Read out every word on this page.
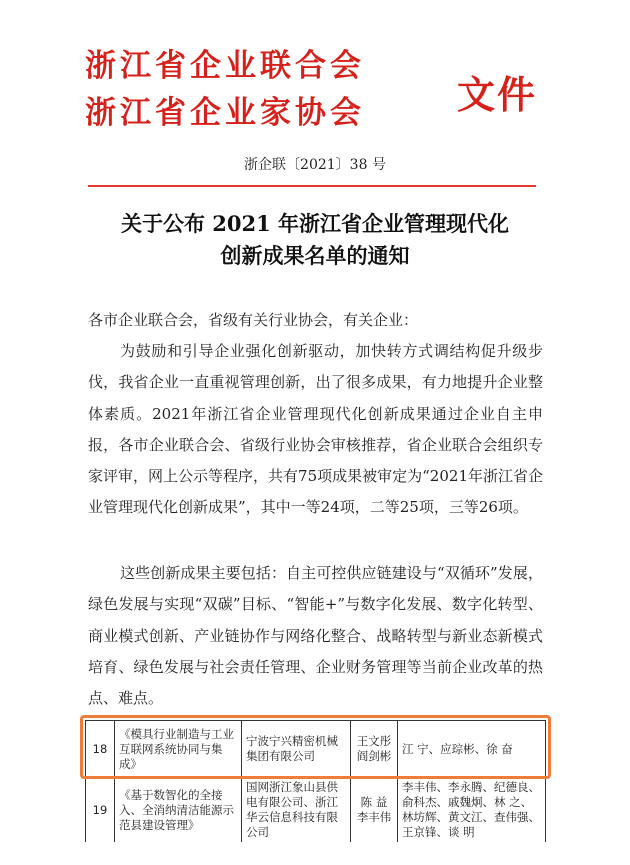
浙江省企业联合会
浙江省企业家协会 文件
浙企联〔2021〕38 号
关于公布 2021 年浙江省企业管理现代化
创新成果名单的通知
各市企业联合会，省级有关行业协会，有关企业：
为鼓励和引导企业强化创新驱动，加快转方式调结构促升级步伐，我省企业一直重视管理创新，出了很多成果，有力地提升企业整体素质。2021年浙江省企业管理现代化创新成果通过企业自主申报，各市企业联合会、省级行业协会审核推荐，省企业联合会组织专家评审，网上公示等程序，共有75项成果被审定为“2021年浙江省企业管理现代化创新成果”，其中一等24项，二等25项，三等26项。
这些创新成果主要包括：自主可控供应链建设与“双循环”发展，绿色发展与实现“双碳”目标、“智能+”与数字化发展、数字化转型、商业模式创新、产业链协作与网络化整合、战略转型与新业态新模式培育、绿色发展与社会责任管理、企业财务管理等当前企业改革的热点、难点。
18	《模具行业制造与工业互联网系统协同与集成》	宁波宁兴精密机械集团有限公司	王文彤 阎剑彬	江 宁、应琮彬、徐 奋
19	《基于数智化的全接入、全消纳清洁能源示范县建设管理》	国网浙江象山县供电有限公司、浙江华云信息科技有限公司	陈 益 李丰伟	李丰伟、李永腾、纪德良、俞科杰、戚魏炯、林 之、林坊辉、黄文江、查伟强、王京锋、谈 明
